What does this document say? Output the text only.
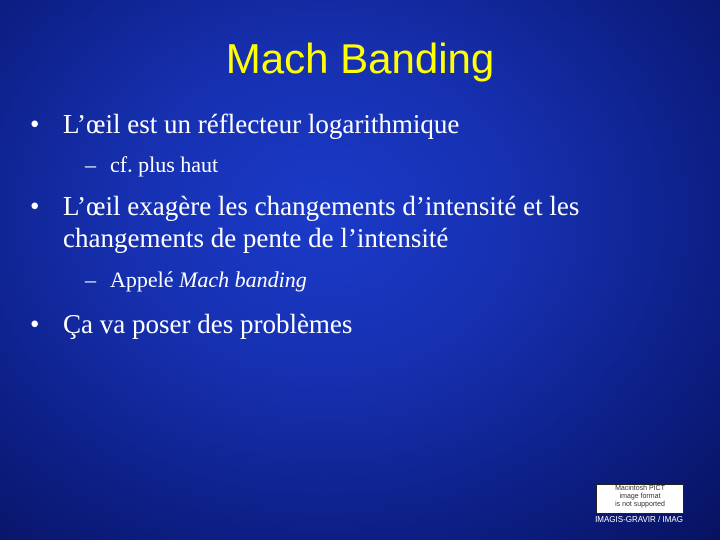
Mach Banding
• L’œil est un réflecteur logarithmique
– cf. plus haut
• L’œil exagère les changements d’intensité et les changements de pente de l’intensité
– Appelé Mach banding
• Ça va poser des problèmes
Macintosh PICT
image format
is not supported
IMAGIS-GRAVIR / IMAG
